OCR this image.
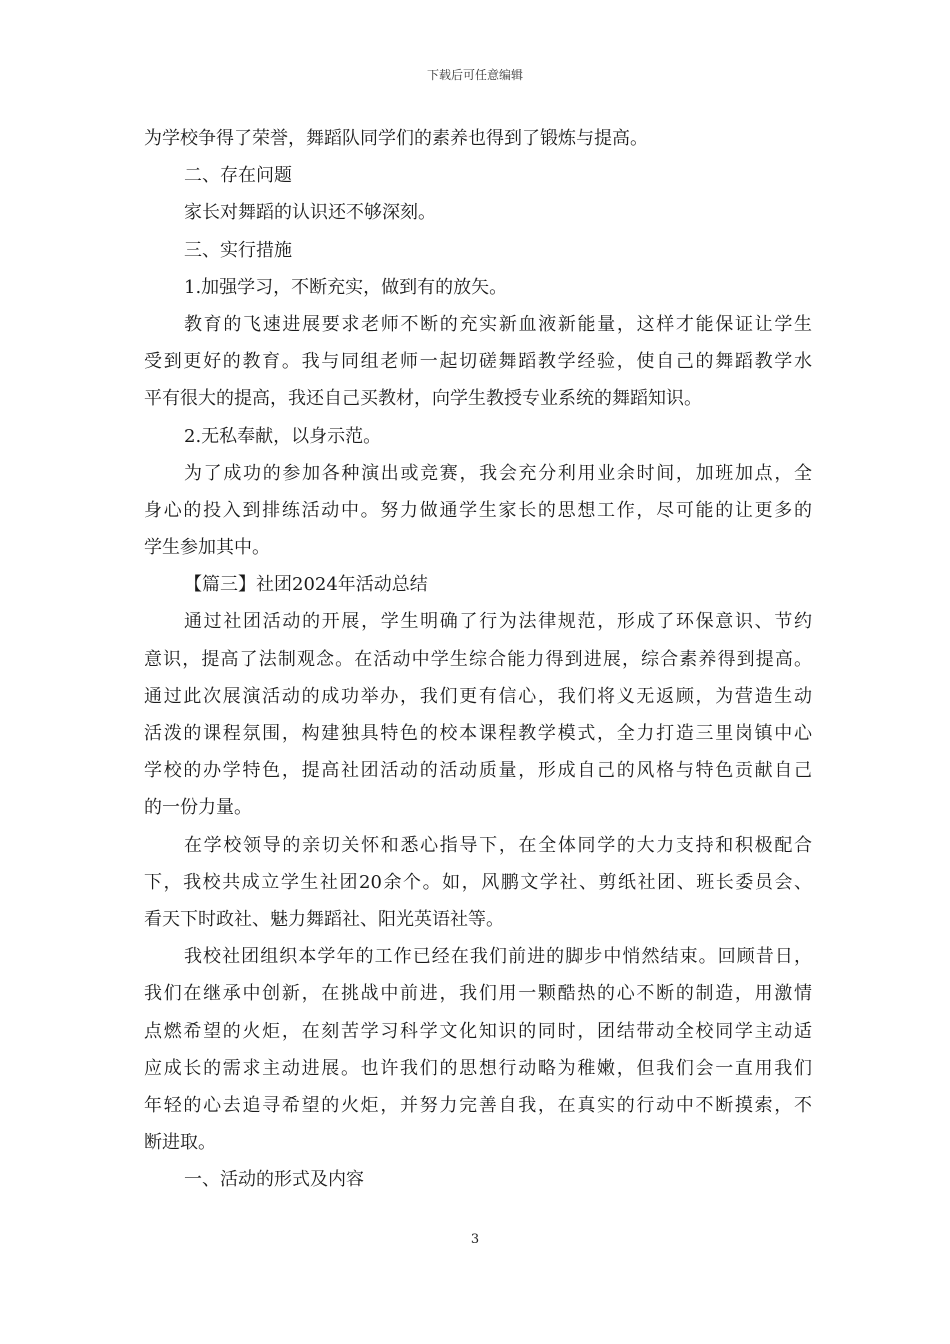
下载后可任意编辑
为学校争得了荣誉，舞蹈队同学们的素养也得到了锻炼与提高。
二、存在问题
家长对舞蹈的认识还不够深刻。
三、实行措施
1.加强学习，不断充实，做到有的放矢。
教育的飞速进展要求老师不断的充实新血液新能量，这样才能保证让学生
受到更好的教育。我与同组老师一起切磋舞蹈教学经验，使自己的舞蹈教学水
平有很大的提高，我还自己买教材，向学生教授专业系统的舞蹈知识。
2.无私奉献，以身示范。
为了成功的参加各种演出或竞赛，我会充分利用业余时间，加班加点，全
身心的投入到排练活动中。努力做通学生家长的思想工作，尽可能的让更多的
学生参加其中。
【篇三】社团2024年活动总结
通过社团活动的开展，学生明确了行为法律规范，形成了环保意识、节约
意识，提高了法制观念。在活动中学生综合能力得到进展，综合素养得到提高。
通过此次展演活动的成功举办，我们更有信心，我们将义无返顾，为营造生动
活泼的课程氛围，构建独具特色的校本课程教学模式，全力打造三里岗镇中心
学校的办学特色，提高社团活动的活动质量，形成自己的风格与特色贡献自己
的一份力量。
在学校领导的亲切关怀和悉心指导下，在全体同学的大力支持和积极配合
下，我校共成立学生社团20余个。如，风鹏文学社、剪纸社团、班长委员会、
看天下时政社、魅力舞蹈社、阳光英语社等。
我校社团组织本学年的工作已经在我们前进的脚步中悄然结束。回顾昔日，
我们在继承中创新，在挑战中前进，我们用一颗酷热的心不断的制造，用激情
点燃希望的火炬，在刻苦学习科学文化知识的同时，团结带动全校同学主动适
应成长的需求主动进展。也许我们的思想行动略为稚嫩，但我们会一直用我们
年轻的心去追寻希望的火炬，并努力完善自我，在真实的行动中不断摸索，不
断进取。
一、活动的形式及内容
3
